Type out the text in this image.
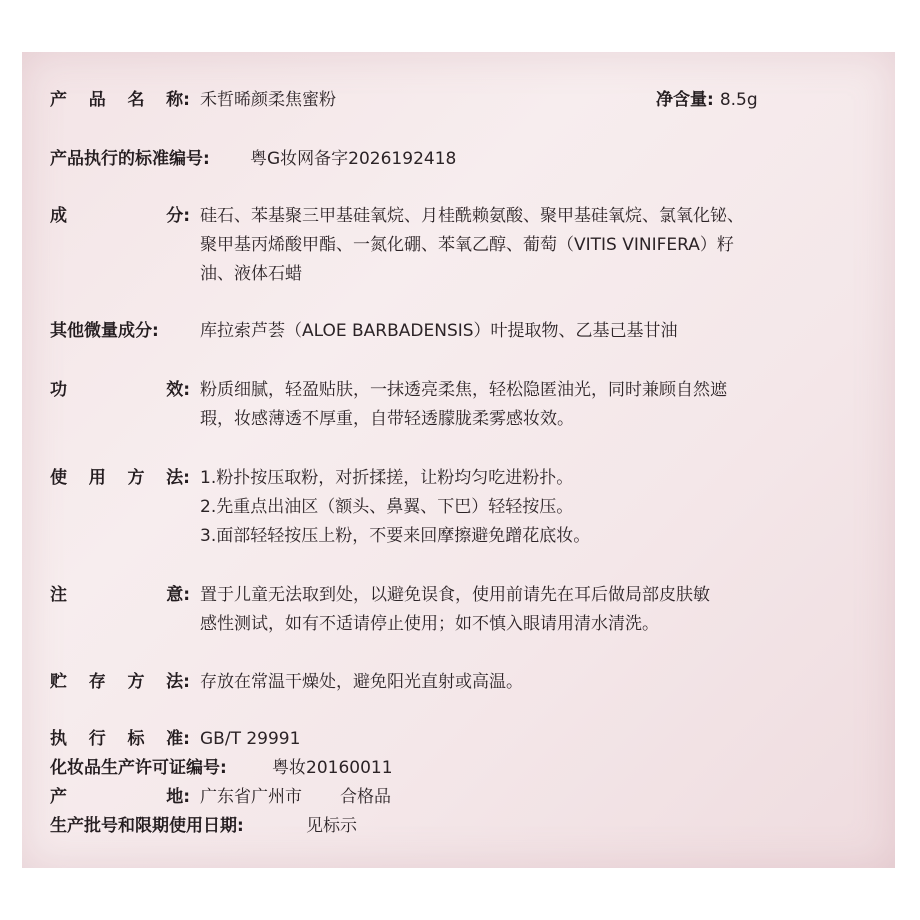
产 品 名 称: 禾哲晞颜柔焦蜜粉	净含量: 8.5g
产品执行的标准编号: 粤G妆网备字2026192418
成	分: 硅石、苯基聚三甲基硅氧烷、月桂酰赖氨酸、聚甲基硅氧烷、氯氧化铋、
聚甲基丙烯酸甲酯、一氮化硼、苯氧乙醇、葡萄（VITIS VINIFERA）籽
油、液体石蜡
其他微量成分: 库拉索芦荟（ALOE BARBADENSIS）叶提取物、乙基己基甘油
功	效: 粉质细腻，轻盈贴肤，一抹透亮柔焦，轻松隐匿油光，同时兼顾自然遮
瑕，妆感薄透不厚重，自带轻透朦胧柔雾感妆效。
使 用 方 法: 1.粉扑按压取粉，对折揉搓，让粉均匀吃进粉扑。
2.先重点出油区（额头、鼻翼、下巴）轻轻按压。
3.面部轻轻按压上粉，不要来回摩擦避免蹭花底妆。
注	意: 置于儿童无法取到处，以避免误食，使用前请先在耳后做局部皮肤敏
感性测试，如有不适请停止使用；如不慎入眼请用清水清洗。
贮 存 方 法: 存放在常温干燥处，避免阳光直射或高温。
执 行 标 准: GB/T 29991
化妆品生产许可证编号:	粤妆20160011
产	地: 广东省广州市 合格品
生产批号和限期使用日期:	见标示
